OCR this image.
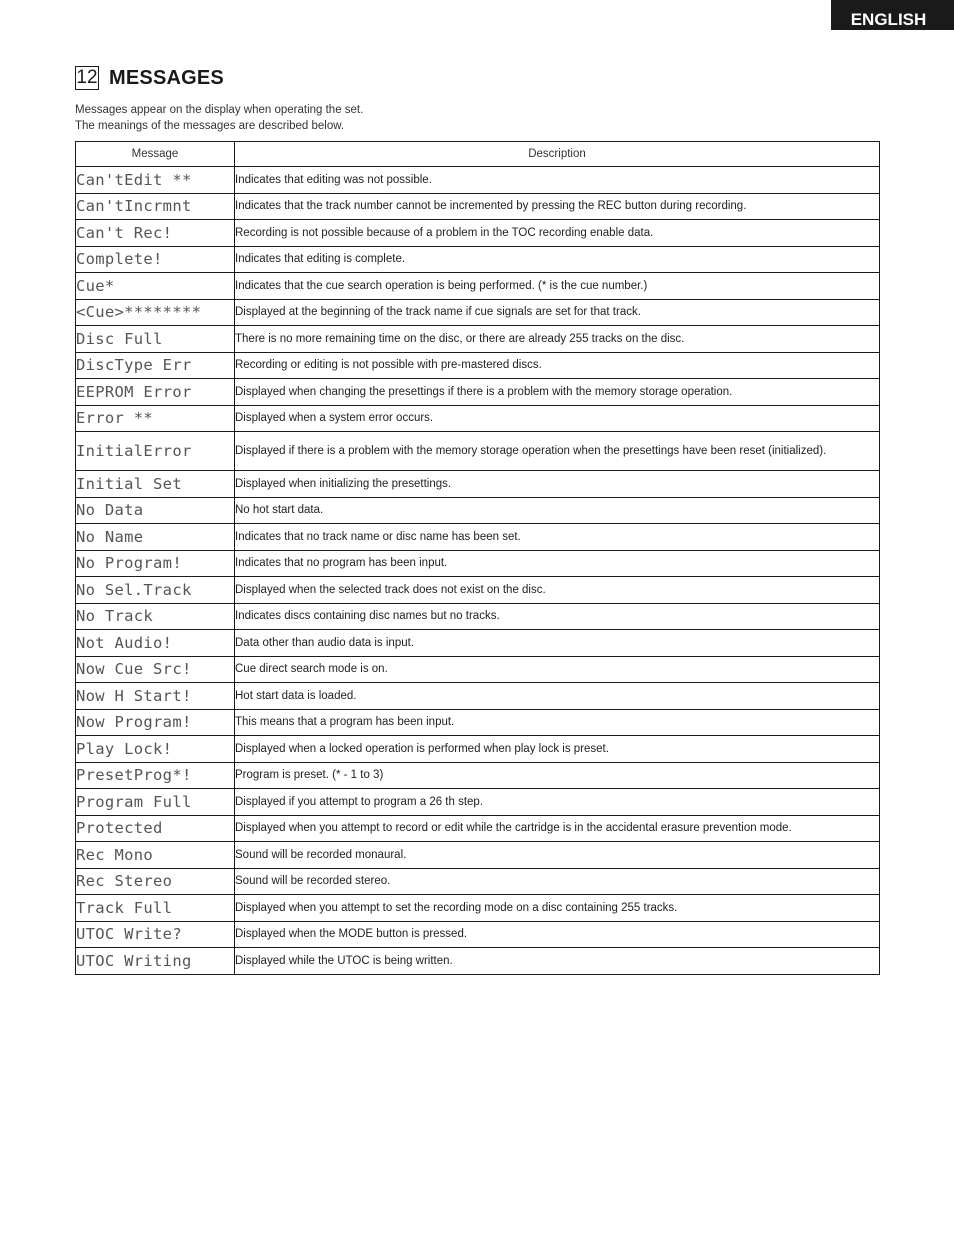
ENGLISH
12 MESSAGES
Messages appear on the display when operating the set.
The meanings of the messages are described below.
Message	Description
Can'tEdit **	Indicates that editing was not possible.
Can'tIncrmnt	Indicates that the track number cannot be incremented by pressing the REC button during recording.
Can't Rec!	Recording is not possible because of a problem in the TOC recording enable data.
Complete!	Indicates that editing is complete.
Cue*	Indicates that the cue search operation is being performed. (* is the cue number.)
<Cue>********	Displayed at the beginning of the track name if cue signals are set for that track.
Disc Full	There is no more remaining time on the disc, or there are already 255 tracks on the disc.
DiscType Err	Recording or editing is not possible with pre-mastered discs.
EEPROM Error	Displayed when changing the presettings if there is a problem with the memory storage operation.
Error **	Displayed when a system error occurs.
InitialError	Displayed if there is a problem with the memory storage operation when the presettings have been reset (initialized).
Initial Set	Displayed when initializing the presettings.
No Data	No hot start data.
No Name	Indicates that no track name or disc name has been set.
No Program!	Indicates that no program has been input.
No Sel.Track	Displayed when the selected track does not exist on the disc.
No Track	Indicates discs containing disc names but no tracks.
Not Audio!	Data other than audio data is input.
Now Cue Src!	Cue direct search mode is on.
Now H Start!	Hot start data is loaded.
Now Program!	This means that a program has been input.
Play Lock!	Displayed when a locked operation is performed when play lock is preset.
PresetProg*!	Program is preset. (* - 1 to 3)
Program Full	Displayed if you attempt to program a 26 th step.
Protected	Displayed when you attempt to record or edit while the cartridge is in the accidental erasure prevention mode.
Rec Mono	Sound will be recorded monaural.
Rec Stereo	Sound will be recorded stereo.
Track Full	Displayed when you attempt to set the recording mode on a disc containing 255 tracks.
UTOC Write?	Displayed when the MODE button is pressed.
UTOC Writing	Displayed while the UTOC is being written.
